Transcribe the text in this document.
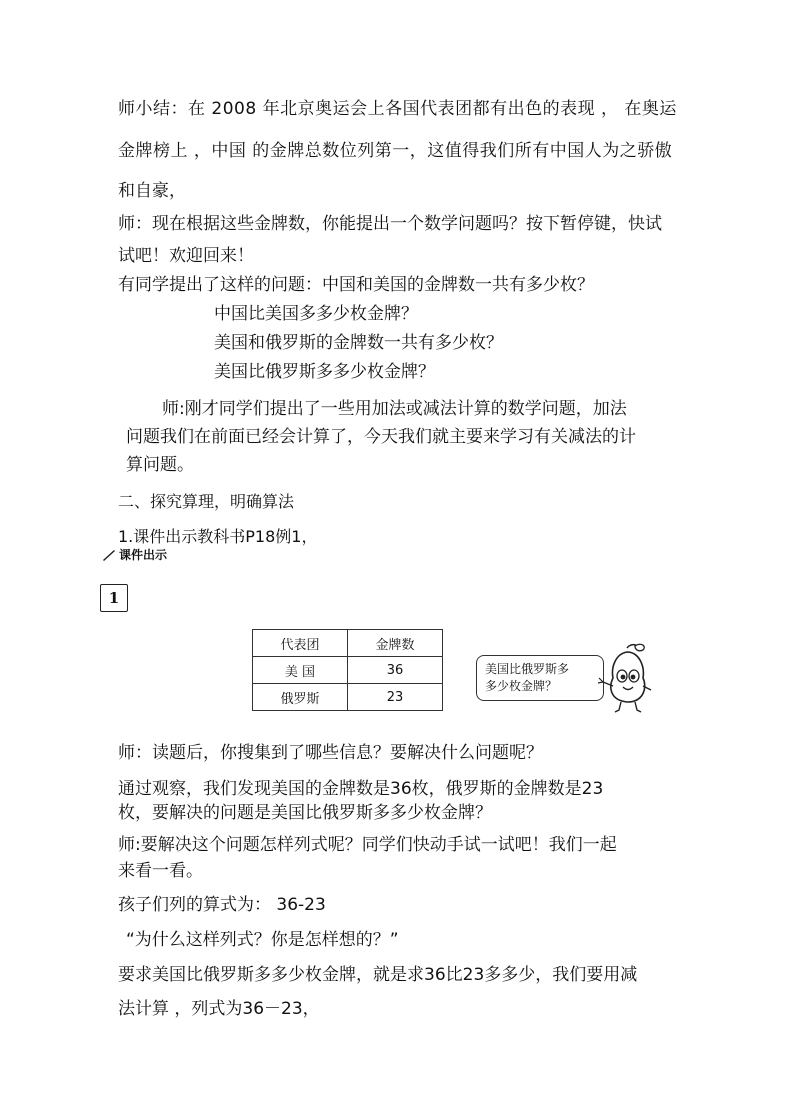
师小结：在 2008 年北京奥运会上各国代表团都有出色的表现 ， 在奥运
金牌榜上 ，中国 的金牌总数位列第一，这值得我们所有中国人为之骄傲
和自豪，
师：现在根据这些金牌数，你能提出一个数学问题吗？按下暂停键，快试
试吧！欢迎回来！
有同学提出了这样的问题：中国和美国的金牌数一共有多少枚？
中国比美国多多少枚金牌？
美国和俄罗斯的金牌数一共有多少枚？
美国比俄罗斯多多少枚金牌？
师:刚才同学们提出了一些用加法或减法计算的数学问题，加法
问题我们在前面已经会计算了，今天我们就主要来学习有关减法的计
算问题。
二、探究算理，明确算法
1.课件出示教科书P18例1，
课件出示
1
代表团	金牌数
美 国	36
俄罗斯	23
美国比俄罗斯多
多少枚金牌？
师：读题后，你搜集到了哪些信息？要解决什么问题呢？
通过观察，我们发现美国的金牌数是36枚，俄罗斯的金牌数是23
枚，要解决的问题是美国比俄罗斯多多少枚金牌？
师:要解决这个问题怎样列式呢？同学们快动手试一试吧！我们一起
来看一看。
孩子们列的算式为： 36-23
“为什么这样列式？你是怎样想的？”
要求美国比俄罗斯多多少枚金牌，就是求36比23多多少，我们要用减
法计算 ，列式为36－23，
